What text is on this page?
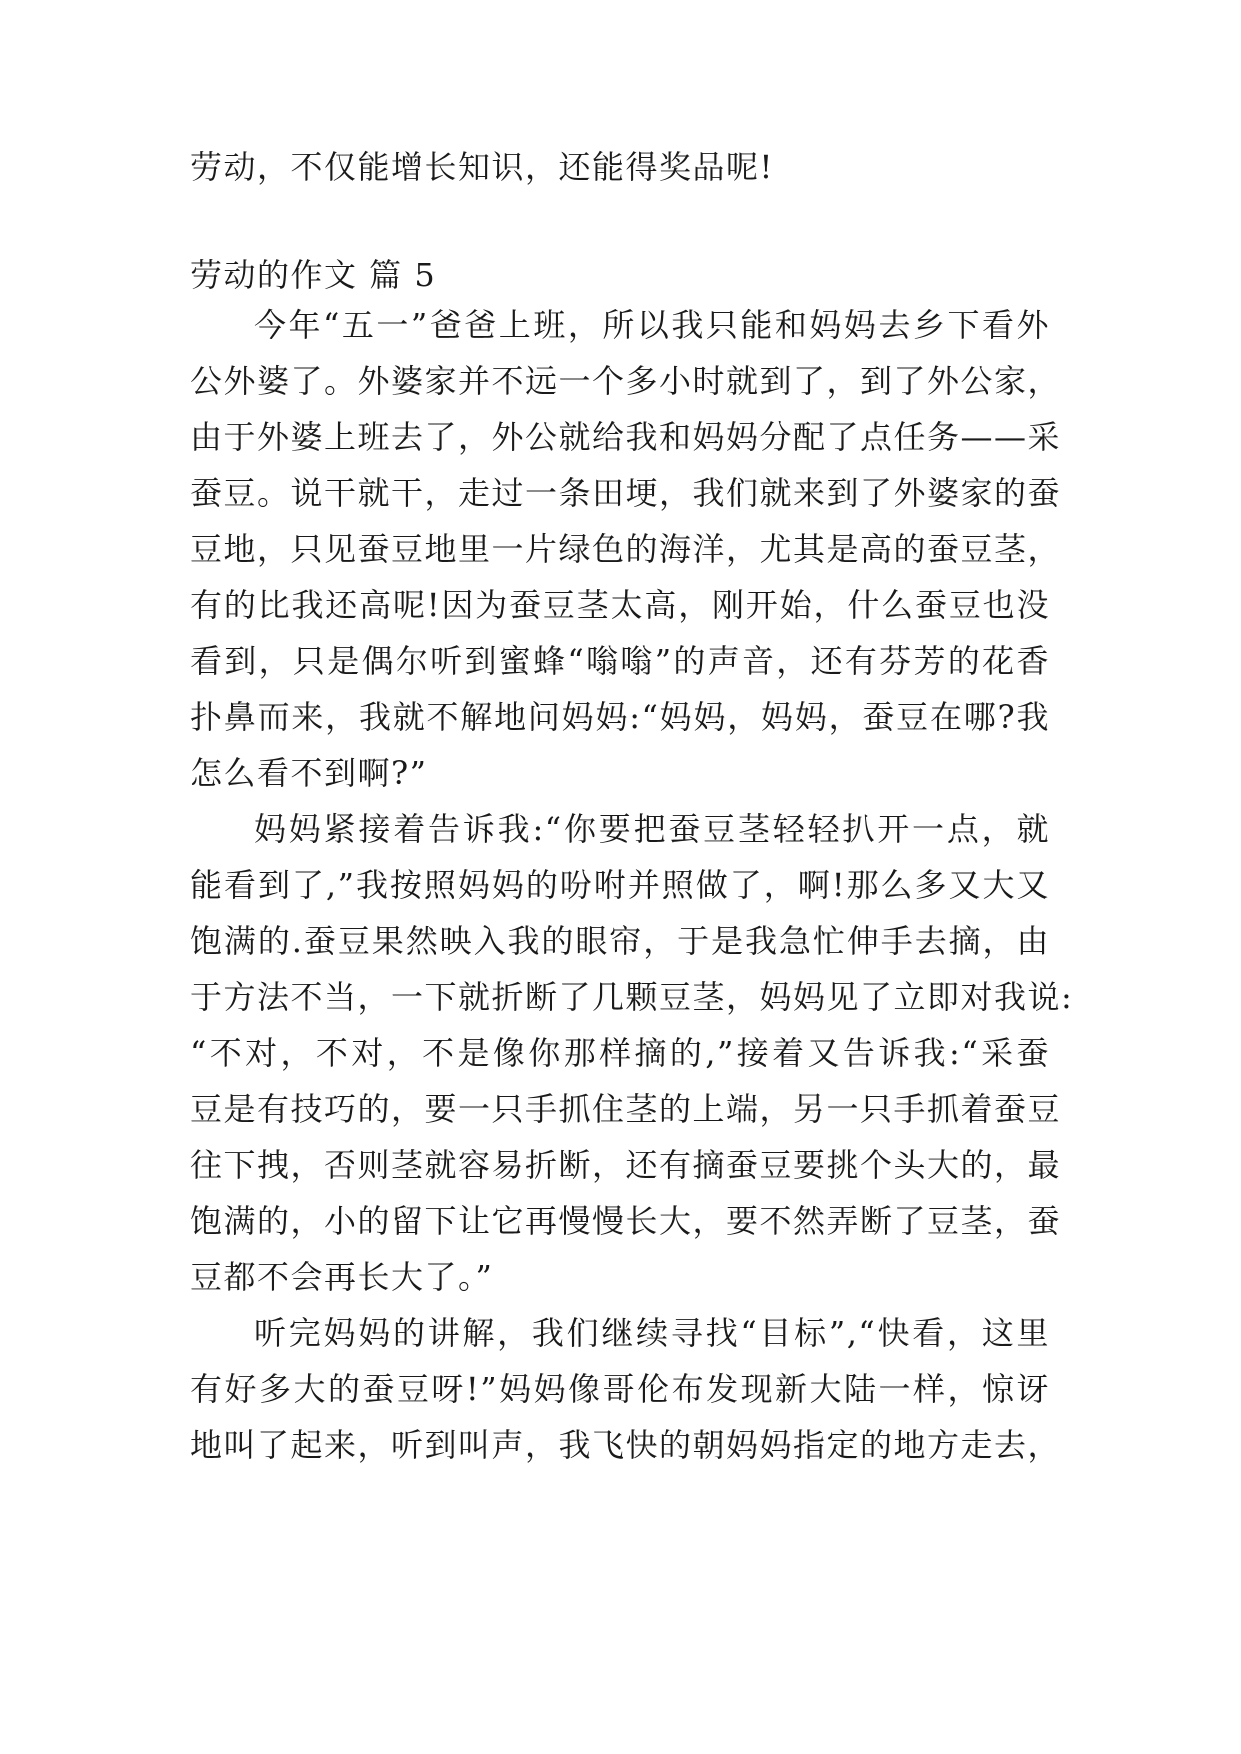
劳动，不仅能增长知识，还能得奖品呢!
劳动的作文 篇 5
今年“五一”爸爸上班，所以我只能和妈妈去乡下看外
公外婆了。外婆家并不远一个多小时就到了，到了外公家，
由于外婆上班去了，外公就给我和妈妈分配了点任务——采
蚕豆。说干就干，走过一条田埂，我们就来到了外婆家的蚕
豆地，只见蚕豆地里一片绿色的海洋，尤其是高的蚕豆茎，
有的比我还高呢!因为蚕豆茎太高，刚开始，什么蚕豆也没
看到，只是偶尔听到蜜蜂“嗡嗡”的声音，还有芬芳的花香
扑鼻而来，我就不解地问妈妈:“妈妈，妈妈，蚕豆在哪?我
怎么看不到啊?”
妈妈紧接着告诉我:“你要把蚕豆茎轻轻扒开一点，就
能看到了,”我按照妈妈的吩咐并照做了，啊!那么多又大又
饱满的.蚕豆果然映入我的眼帘，于是我急忙伸手去摘，由
于方法不当，一下就折断了几颗豆茎，妈妈见了立即对我说:
“不对，不对，不是像你那样摘的,”接着又告诉我:“采蚕
豆是有技巧的，要一只手抓住茎的上端，另一只手抓着蚕豆
往下拽，否则茎就容易折断，还有摘蚕豆要挑个头大的，最
饱满的，小的留下让它再慢慢长大，要不然弄断了豆茎，蚕
豆都不会再长大了。”
听完妈妈的讲解，我们继续寻找“目标”,“快看，这里
有好多大的蚕豆呀!”妈妈像哥伦布发现新大陆一样，惊讶
地叫了起来，听到叫声，我飞快的朝妈妈指定的地方走去，
